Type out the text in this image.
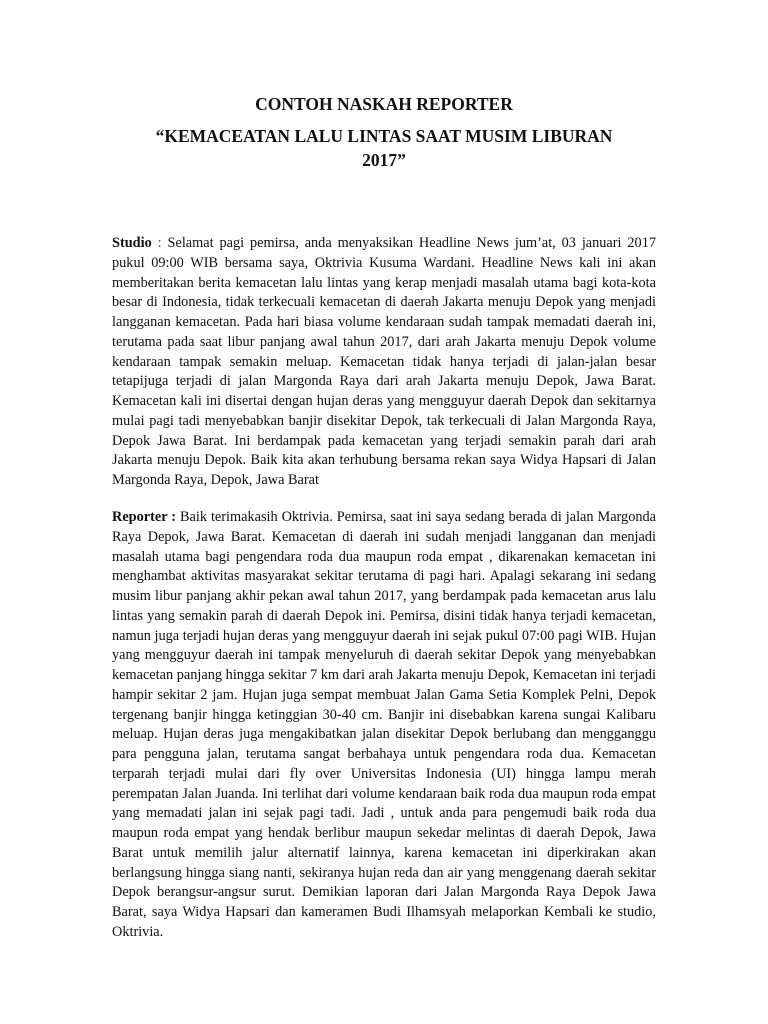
CONTOH NASKAH REPORTER
“KEMACEATAN LALU LINTAS SAAT MUSIM LIBURAN 2017”

Studio : Selamat pagi pemirsa, anda menyaksikan Headline News jum’at, 03 januari 2017 pukul 09:00 WIB bersama saya, Oktrivia Kusuma Wardani. Headline News kali ini akan memberitakan berita kemacetan lalu lintas yang kerap menjadi masalah utama bagi kota-kota besar di Indonesia, tidak terkecuali kemacetan di daerah Jakarta menuju Depok yang menjadi langganan kemacetan. Pada hari biasa volume kendaraan sudah tampak memadati daerah ini, terutama pada saat libur panjang awal tahun 2017, dari arah Jakarta menuju Depok volume kendaraan tampak semakin meluap. Kemacetan tidak hanya terjadi di jalan-jalan besar tetapijuga terjadi di jalan Margonda Raya dari arah Jakarta menuju Depok, Jawa Barat. Kemacetan kali ini disertai dengan hujan deras yang mengguyur daerah Depok dan sekitarnya mulai pagi tadi menyebabkan banjir disekitar Depok, tak terkecuali di Jalan Margonda Raya, Depok Jawa Barat. Ini berdampak pada kemacetan yang terjadi semakin parah dari arah Jakarta menuju Depok. Baik kita akan terhubung bersama rekan saya Widya Hapsari di Jalan Margonda Raya, Depok, Jawa Barat

Reporter : Baik terimakasih Oktrivia. Pemirsa, saat ini saya sedang berada di jalan Margonda Raya Depok, Jawa Barat. Kemacetan di daerah ini sudah menjadi langganan dan menjadi masalah utama bagi pengendara roda dua maupun roda empat , dikarenakan kemacetan ini menghambat aktivitas masyarakat sekitar terutama di pagi hari. Apalagi sekarang ini sedang musim libur panjang akhir pekan awal tahun 2017, yang berdampak pada kemacetan arus lalu lintas yang semakin parah di daerah Depok ini. Pemirsa, disini tidak hanya terjadi kemacetan, namun juga terjadi hujan deras yang mengguyur daerah ini sejak pukul 07:00 pagi WIB. Hujan yang mengguyur daerah ini tampak menyeluruh di daerah sekitar Depok yang menyebabkan kemacetan panjang hingga sekitar 7 km dari arah Jakarta menuju Depok, Kemacetan ini terjadi hampir sekitar 2 jam. Hujan juga sempat membuat Jalan Gama Setia Komplek Pelni, Depok tergenang banjir hingga ketinggian 30-40 cm. Banjir ini disebabkan karena sungai Kalibaru meluap. Hujan deras juga mengakibatkan jalan disekitar Depok berlubang dan mengganggu para pengguna jalan, terutama sangat berbahaya untuk pengendara roda dua. Kemacetan terparah terjadi mulai dari fly over Universitas Indonesia (UI) hingga lampu merah perempatan Jalan Juanda. Ini terlihat dari volume kendaraan baik roda dua maupun roda empat yang memadati jalan ini sejak pagi tadi. Jadi , untuk anda para pengemudi baik roda dua maupun roda empat yang hendak berlibur maupun sekedar melintas di daerah Depok, Jawa Barat untuk memilih jalur alternatif lainnya, karena kemacetan ini diperkirakan akan berlangsung hingga siang nanti, sekiranya hujan reda dan air yang menggenang daerah sekitar Depok berangsur-angsur surut. Demikian laporan dari Jalan Margonda Raya Depok Jawa Barat, saya Widya Hapsari dan kameramen Budi Ilhamsyah melaporkan Kembali ke studio, Oktrivia.
